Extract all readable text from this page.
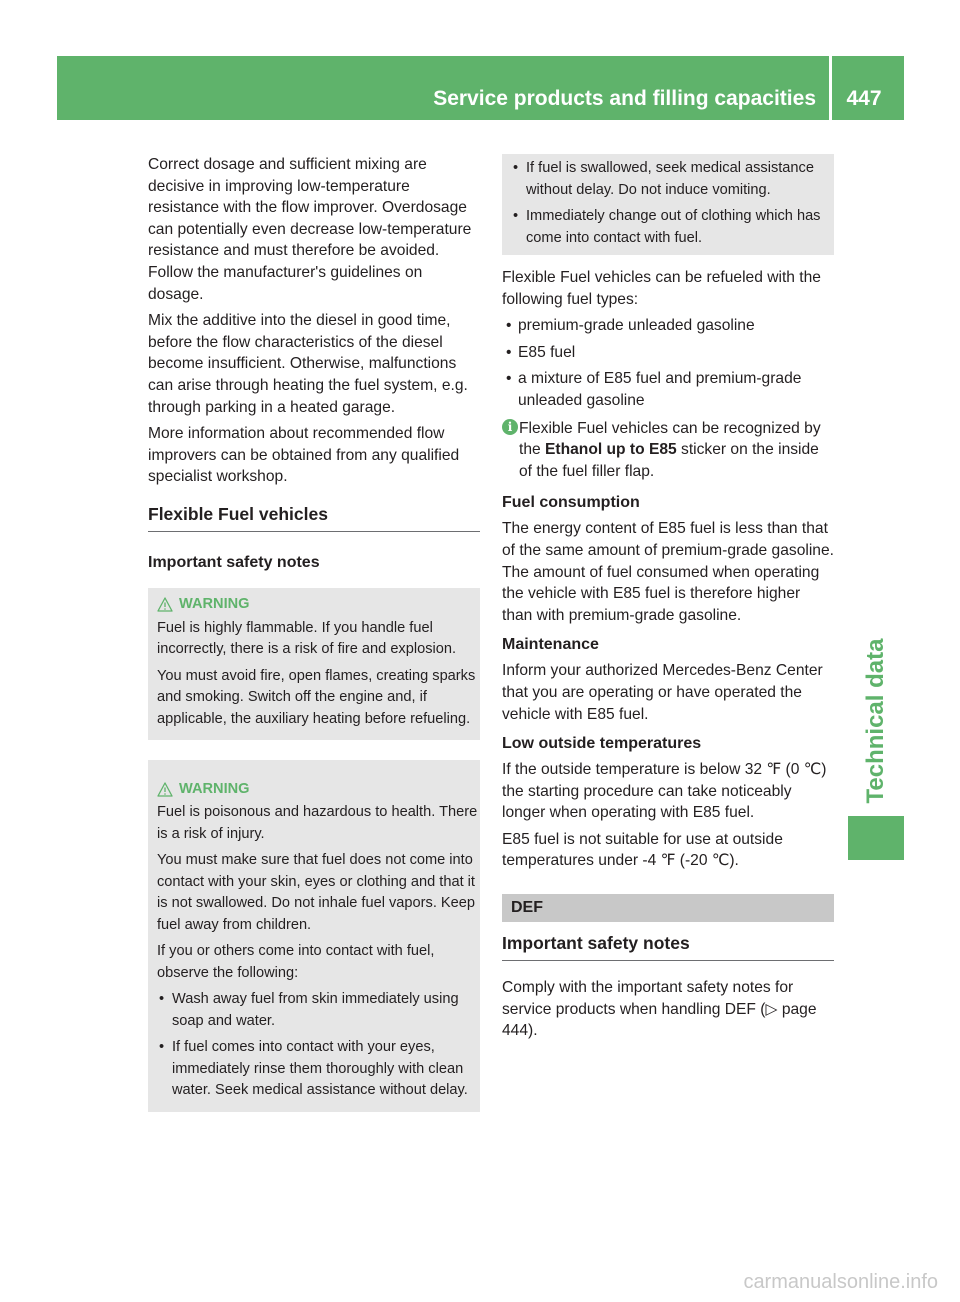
Service products and filling capacities	447
Technical data

Correct dosage and sufficient mixing are decisive in improving low-temperature resistance with the flow improver. Overdosage can potentially even decrease low-temperature resistance and must therefore be avoided. Follow the manufacturer's guidelines on dosage.

Mix the additive into the diesel in good time, before the flow characteristics of the diesel become insufficient. Otherwise, malfunctions can arise through heating the fuel system, e.g. through parking in a heated garage.

More information about recommended flow improvers can be obtained from any qualified specialist workshop.

Flexible Fuel vehicles
Important safety notes
WARNING

Fuel is highly flammable. If you handle fuel incorrectly, there is a risk of fire and explosion.

You must avoid fire, open flames, creating sparks and smoking. Switch off the engine and, if applicable, the auxiliary heating before refueling.

WARNING

Fuel is poisonous and hazardous to health. There is a risk of injury.

You must make sure that fuel does not come into contact with your skin, eyes or clothing and that it is not swallowed. Do not inhale fuel vapors. Keep fuel away from children.

If you or others come into contact with fuel, observe the following:

• Wash away fuel from skin immediately using soap and water.
• If fuel comes into contact with your eyes, immediately rinse them thoroughly with clean water. Seek medical assistance without delay.
• If fuel is swallowed, seek medical assistance without delay. Do not induce vomiting.
• Immediately change out of clothing which has come into contact with fuel.

Flexible Fuel vehicles can be refueled with the following fuel types:

• premium-grade unleaded gasoline
• E85 fuel
• a mixture of E85 fuel and premium-grade unleaded gasoline
i Flexible Fuel vehicles can be recognized by the Ethanol up to E85 sticker on the inside of the fuel filler flap.
Fuel consumption

The energy content of E85 fuel is less than that of the same amount of premium-grade gasoline. The amount of fuel consumed when operating the vehicle with E85 fuel is therefore higher than with premium-grade gasoline.

Maintenance

Inform your authorized Mercedes-Benz Center that you are operating or have operated the vehicle with E85 fuel.

Low outside temperatures

If the outside temperature is below 32 ℉ (0 ℃) the starting procedure can take noticeably longer when operating with E85 fuel.

E85 fuel is not suitable for use at outside temperatures under -4 ℉ (-20 ℃).

DEF
Important safety notes

Comply with the important safety notes for service products when handling DEF (▷ page 444).

carmanualsonline.info
